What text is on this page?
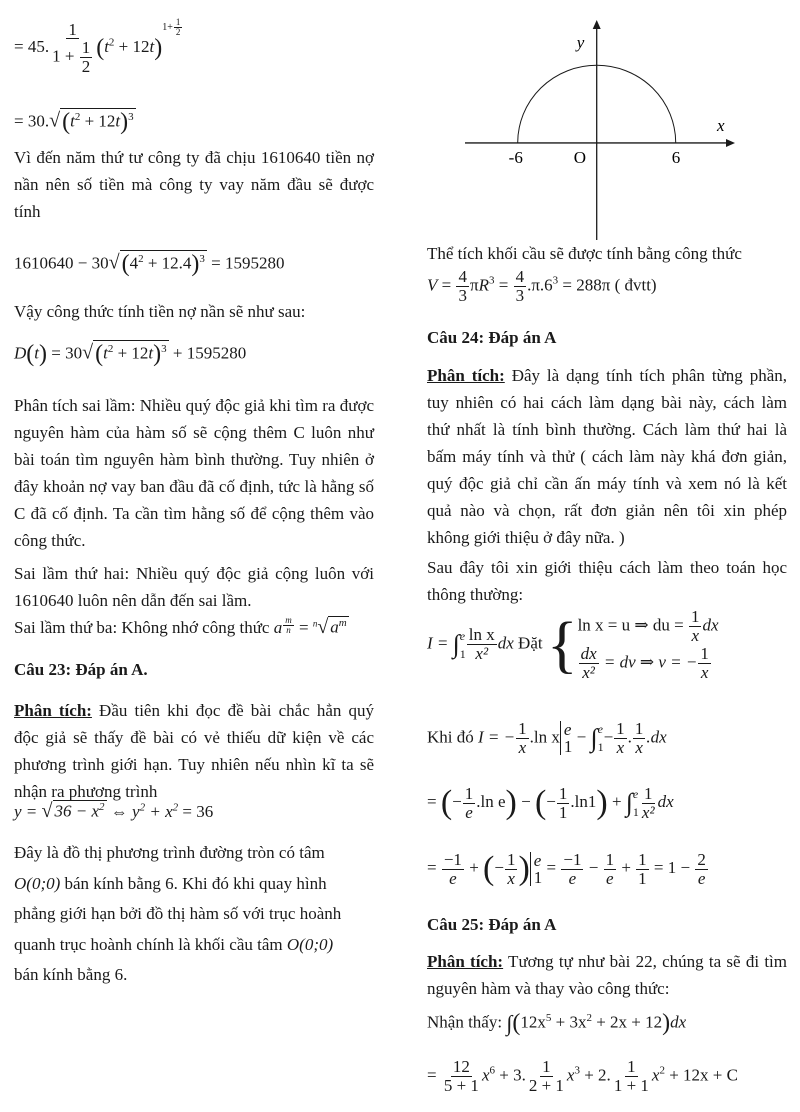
= 45. $\frac{1}{1 + \frac{1}{2}} (t^2 + 12t)^{1+ \frac{1}{2}}$
= $30.√(t^2 + 12t)^3$

Vì đến năm thứ tư công ty đã chịu 1610640 tiền nợ nần nên số tiền mà công ty vay năm đầu sẽ được tính

$1610640 - 30√(4^2 + 12.4)^3 = 1595280$

Vậy công thức tính tiền nợ nần sẽ như sau:

$D(t) = 30√(t^2 + 12t)^3 + 1595280$

Phân tích sai lầm: Nhiều quý độc giả khi tìm ra được nguyên hàm của hàm số sẽ cộng thêm C luôn như bài toán tìm nguyên hàm bình thường. Tuy nhiên ở đây khoản nợ vay ban đầu đã cố định, tức là hằng số C đã cố định. Ta cần tìm hằng số để cộng thêm vào công thức.

Sai lầm thứ hai: Nhiều quý độc giả cộng luôn với 1610640 luôn nên dẫn đến sai lầm.

Sai lầm thứ ba: Không nhớ công thức a $\frac{m}{n} = ^n√$ $a^m$
Câu 23: Đáp án A.

Phân tích: Đầu tiên khi đọc đề bài chắc hẳn quý độc giả sẽ thấy đề bài có vẻ thiếu dữ kiện về các phương trình giới hạn. Tuy nhiên nếu nhìn kĩ ta sẽ nhận ra phương trình

y = √ $36 - x^2$ ⇔ $y^2 + x^2 = 36$
Đây là đồ thị phương trình đường tròn có tâm
O(0;0) bán kính bằng 6. Khi đó khi quay hình
phẳng giới hạn bởi đồ thị hàm số với trục hoành
quanh trục hoành chính là khối cầu tâm O(0;0)
bán kính bằng 6.
y
x
O
-6	6

Thể tích khối cầu sẽ được tính bằng công thức

$V = \frac{4}{3} \pi R^3 = \frac{4}{3} .\pi.6^3 = 288\pi$ ( đvtt)
Câu 24: Đáp án A

Phân tích: Đây là dạng tính tích phân từng phần, tuy nhiên có hai cách làm dạng bài này, cách làm thứ nhất là tính bình thường. Cách làm thứ hai là bấm máy tính và thử ( cách làm này khá đơn giản, quý độc giả chỉ cần ấn máy tính và xem nó là kết quả nào và chọn, rất đơn giản nên tôi xin phép không giới thiệu ở đây nữa. )

Sau đây tôi xin giới thiệu cách làm theo toán học thông thường:

I = ∫ e
$1 \frac{\text{ln x}}{\text{x²}}$ dx Đặt { ln x = u ⇒ du = $\frac{1}{x}$ dx
$\frac{dx}{\text{x²}}$ = dv ⇒ v = − $\frac{1}{x}$
Khi đó I = − $\frac{1}{x} .\ln$ x e
1
− ∫ e
1
− $\frac{1}{x}$ . $\frac{1}{x} .dx$
= (− $\frac{1}{e} .\ln$ e) − (− $\frac{1}{1} .\ln 1$) + ∫ e
$1 \frac{1}{\text{x²}}$ dx
= $\frac{-1}{e}$ + (− $\frac{1}{x}$ ) e
1
= $\frac{-1}{e} - \frac{1}{e} + \frac{1}{1} = 1 - \frac{2}{e}$
Câu 25: Đáp án A

Phân tích: Tương tự như bài 22, chúng ta sẽ đi tìm nguyên hàm và thay vào công thức:

Nhận thấy: $\int(12x^5 + 3x^2 + 2x + 12)dx$
= $\frac{12}{5 + 1} x^6 + 3$. $\frac{1}{2 + 1} x^3 + 2$. $\frac{1}{1 + 1} x^2 + 12x + C$
